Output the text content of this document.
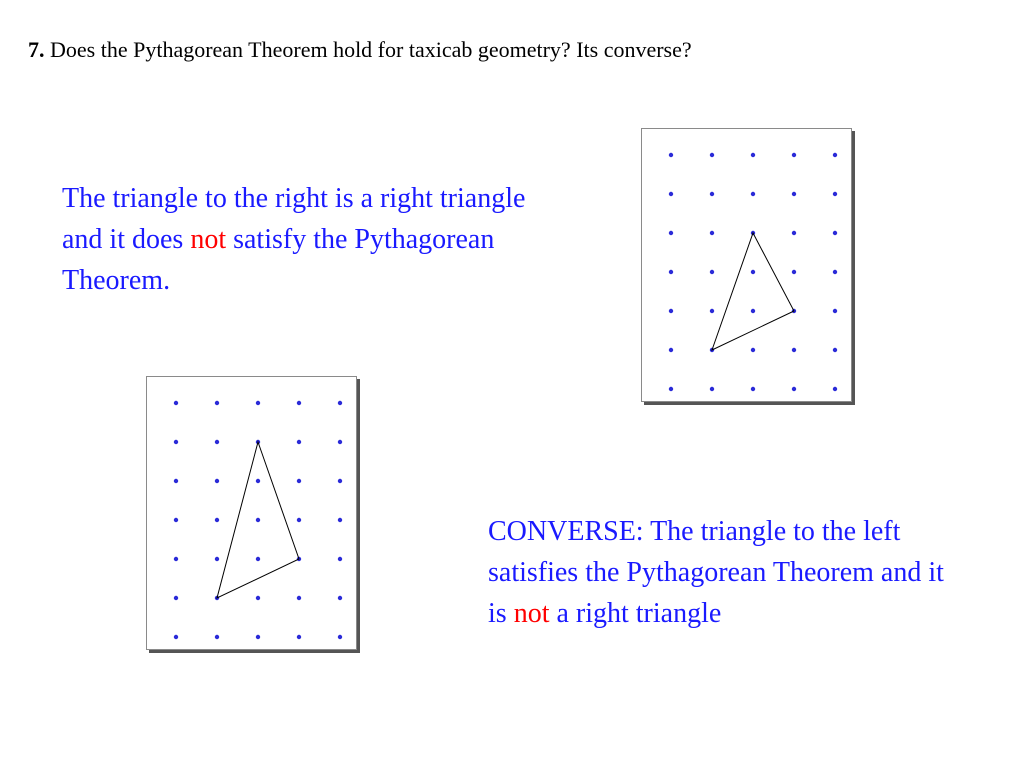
7. Does the Pythagorean Theorem hold for taxicab geometry? Its converse?
The triangle to the right is a right triangle and it does not satisfy the Pythagorean Theorem.
CONVERSE: The triangle to the left satisfies the Pythagorean Theorem and it is not a right triangle
